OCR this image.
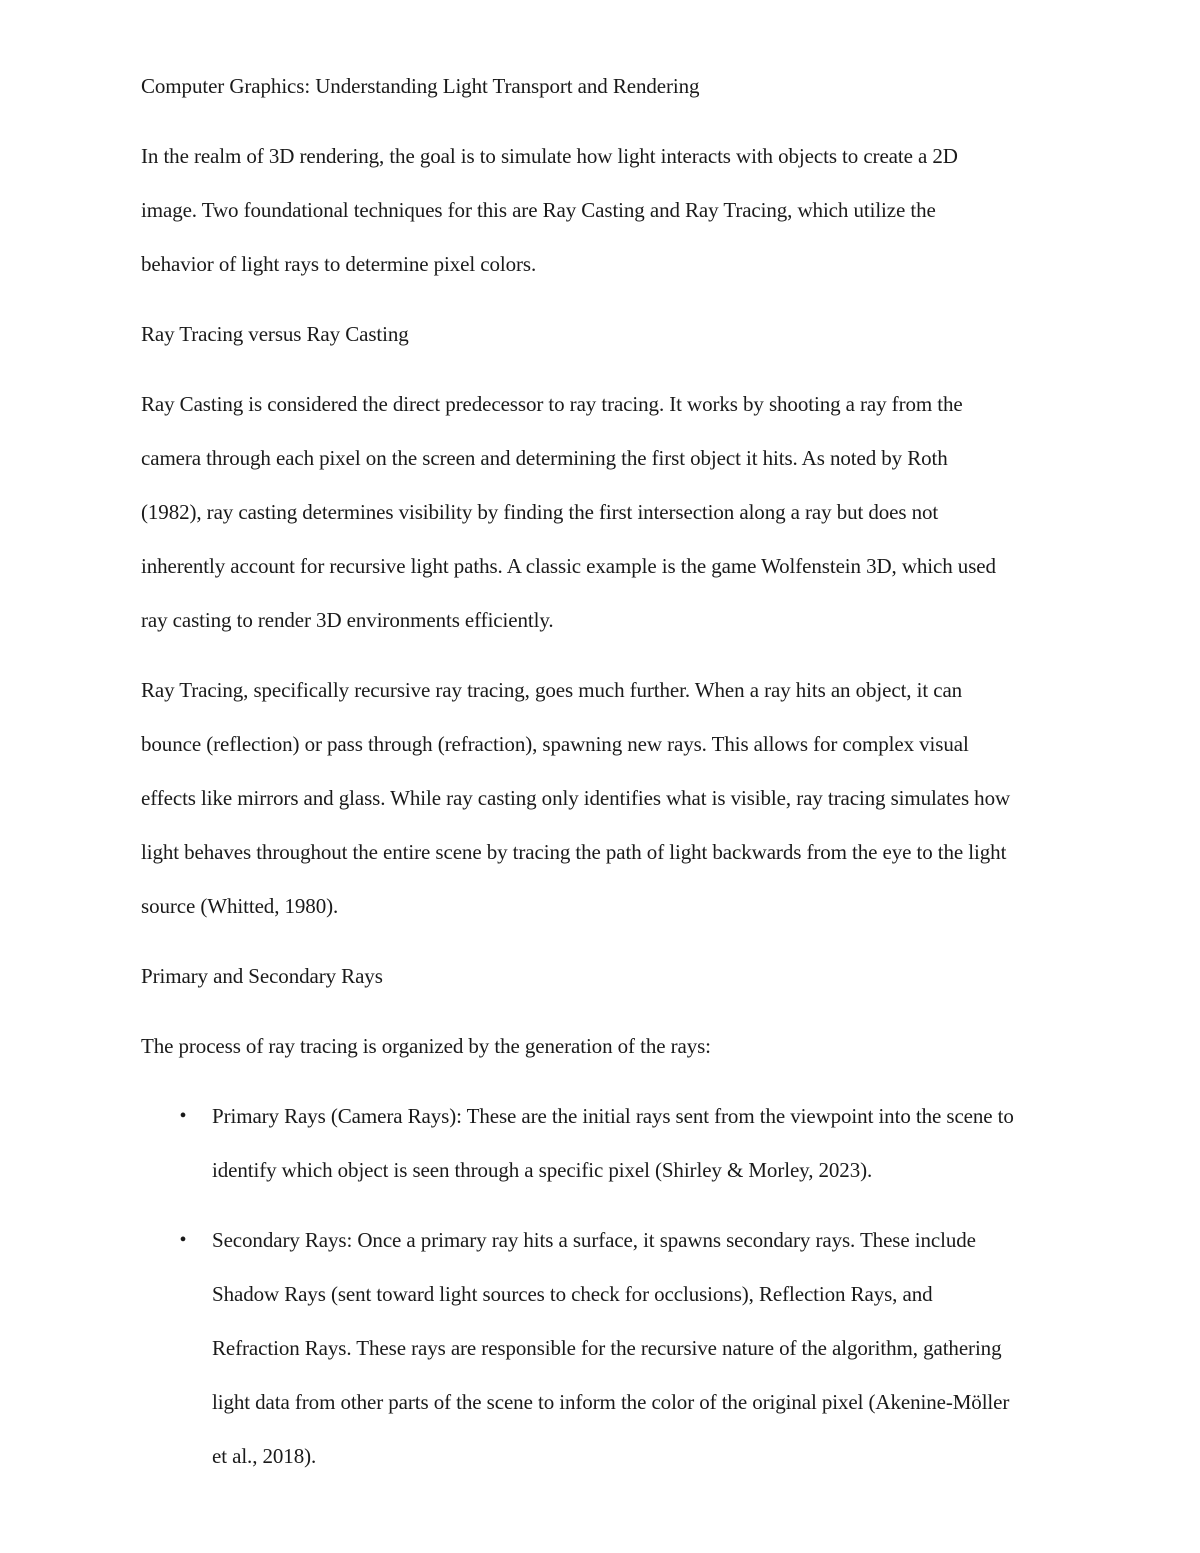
Computer Graphics: Understanding Light Transport and Rendering

In the realm of 3D rendering, the goal is to simulate how light interacts with objects to create a 2D

image. Two foundational techniques for this are Ray Casting and Ray Tracing, which utilize the

behavior of light rays to determine pixel colors.

Ray Tracing versus Ray Casting

Ray Casting is considered the direct predecessor to ray tracing. It works by shooting a ray from the

camera through each pixel on the screen and determining the first object it hits. As noted by Roth

(1982), ray casting determines visibility by finding the first intersection along a ray but does not

inherently account for recursive light paths. A classic example is the game Wolfenstein 3D, which used

ray casting to render 3D environments efficiently.

Ray Tracing, specifically recursive ray tracing, goes much further. When a ray hits an object, it can

bounce (reflection) or pass through (refraction), spawning new rays. This allows for complex visual

effects like mirrors and glass. While ray casting only identifies what is visible, ray tracing simulates how

light behaves throughout the entire scene by tracing the path of light backwards from the eye to the light

source (Whitted, 1980).

Primary and Secondary Rays

The process of ray tracing is organized by the generation of the rays:

• Primary Rays (Camera Rays): These are the initial rays sent from the viewpoint into the scene to

identify which object is seen through a specific pixel (Shirley & Morley, 2023).

• Secondary Rays: Once a primary ray hits a surface, it spawns secondary rays. These include

Shadow Rays (sent toward light sources to check for occlusions), Reflection Rays, and

Refraction Rays. These rays are responsible for the recursive nature of the algorithm, gathering

light data from other parts of the scene to inform the color of the original pixel (Akenine-Möller

et al., 2018).
